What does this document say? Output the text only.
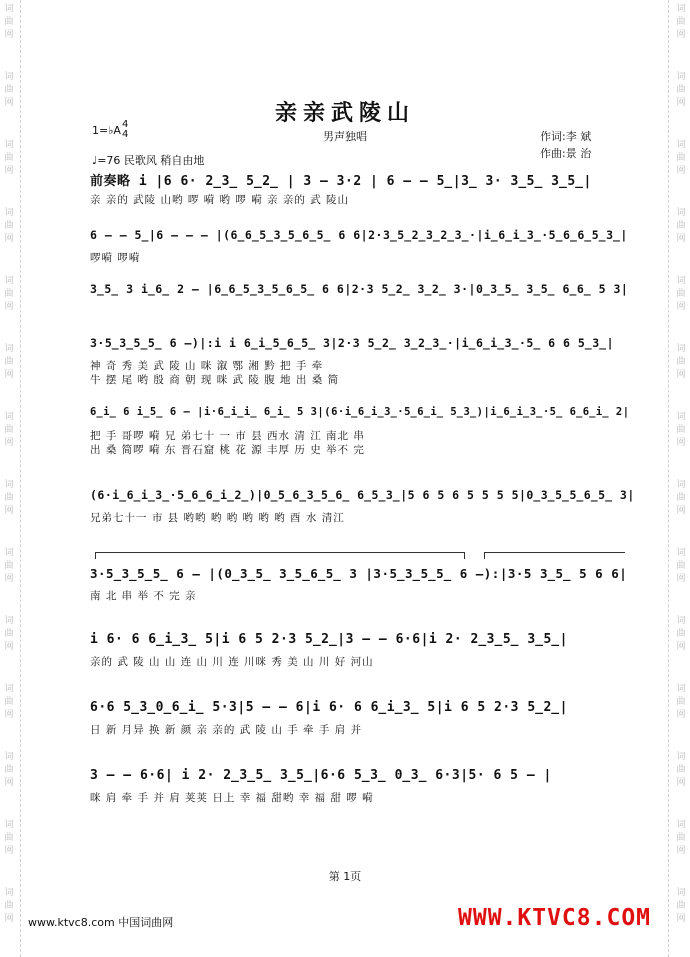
词
曲
网
词
曲
网
词
曲
网
词
曲
网
词
曲
网
词
曲
网
词
曲
网
词
曲
网
词
曲
网
词
曲
网
词
曲
网
词
曲
网
词
曲
网
词
曲
网
词
曲
网
词
曲
网
词
曲
网
词
曲
网
词
曲
网
词
曲
网
词
曲
网
词
曲
网
词
曲
网
词
曲
网
词
曲
网
词
曲
网
词
曲
网
词
曲
网
亲亲武陵山
男声独唱
1=♭A 4
4
♩=76 民歌风 稍自由地
作词:李 斌
作曲:景 治
前奏略 i |6 6· 2̲3̲ 5̲2̲ | 3 — 3·2 | 6 — — 5̲|3̲ 3· 3̲5̲ 3̲5̲|
亲 亲的 武陵 山哟 啰 嗬 哟 啰 嗬 亲 亲的 武 陵山
6 — — 5̲|6 — — — |(6̲6̲5̲3̲5̲6̲5̲ 6 6|2·3̲5̲2̲3̲2̲3̲·|i̲6̲i̲3̲·5̲6̲6̲5̲3̲|
啰嗬 啰嗬
3̲5̲ 3 i̲6̲ 2 — |6̲6̲5̲3̲5̲6̲5̲ 6 6|2·3 5̲2̲ 3̲2̲ 3·|0̲3̲5̲ 3̲5̲ 6̲6̲ 5 3|
3·5̲3̲5̲5̲ 6 —)|:i i 6̲i̲5̲6̲5̲ 3|2·3 5̲2̲ 3̲2̲3̲·|i̲6̲i̲3̲·5̲ 6 6 5̲3̲|
神 奇 秀 美 武 陵 山 咪 溆 鄂 湘 黔 把 手 牵
牛 摆 尾 哟 殷 商 朝 现 咪 武 陵 腹 地 出 桑 简
6̲i̲ 6 i̲5̲ 6 — |i·6̲i̲i̲ 6̲i̲ 5 3|(6·i̲6̲i̲3̲·5̲6̲i̲ 5̲3̲)|i̲6̲i̲3̲·5̲ 6̲6̲i̲ 2|
把 手 哥啰 嗬 兄 弟七十 一 市 县 西水 清 江 南北 串
出 桑 简啰 嗬 东 晋石窟 桃 花 源 丰厚 历 史 举不 完
(6·i̲6̲i̲3̲·5̲6̲6̲i̲2̲)|0̲5̲6̲3̲5̲6̲ 6̲5̲3̲|5 6 5 6 5 5 5 5|0̲3̲5̲5̲6̲5̲ 3|
兄弟七十一 市 县 哟哟 哟 哟 哟 哟 哟 酉 水 清江
3·5̲3̲5̲5̲ 6 — |(0̲3̲5̲ 3̲5̲6̲5̲ 3 |3·5̲3̲5̲5̲ 6 —):|3·5 3̲5̲ 5 6 6|
南 北 串 举 不 完 亲
i 6· 6 6̲i̲3̲ 5|i 6 5 2·3 5̲2̲|3 — — 6·6|i 2· 2̲3̲5̲ 3̲5̲|
亲的 武 陵 山 山 连 山 川 连 川咪 秀 美 山 川 好 河山
6·6 5̲3̲0̲6̲i̲ 5·3|5 — — 6|i 6· 6 6̲i̲3̲ 5|i 6 5 2·3 5̲2̲|
日 新 月异 换 新 颜 亲 亲的 武 陵 山 手 牵 手 肩 并
3 — — 6·6| i 2· 2̲3̲5̲ 3̲5̲|6·6 5̲3̲ 0̲3̲ 6·3|5· 6 5 — |
咪 肩 牵 手 并 肩 荚荚 日上 幸 福 甜哟 幸 福 甜 啰 嗬
第 1页
www.ktvc8.com 中国词曲网	WWW.KTVC8.COM
